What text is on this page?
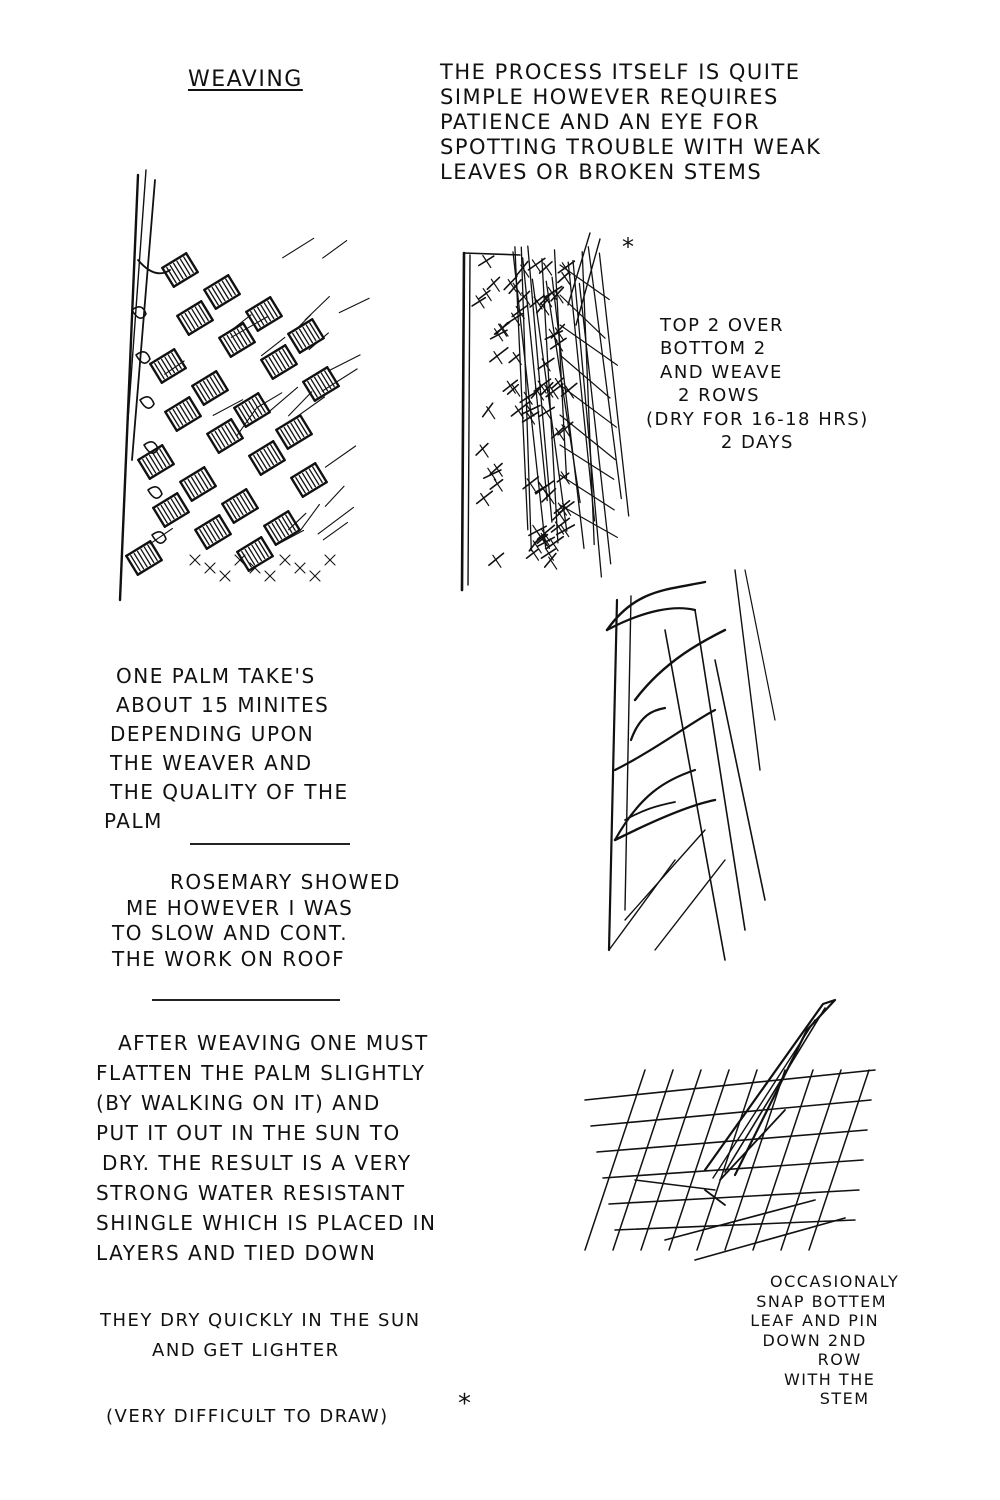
WEAVING	THE PROCESS ITSELF IS QUITE
SIMPLE HOWEVER REQUIRES
PATIENCE AND AN EYE FOR
SPOTTING TROUBLE WITH WEAK
LEAVES OR BROKEN STEMS
*
TOP 2 OVER
BOTTOM 2
AND WEAVE
2 ROWS
(DRY FOR 16-18 HRS)
2 DAYS
ONE PALM TAKE'S
ABOUT 15 MINITES
DEPENDING UPON
THE WEAVER AND
THE QUALITY OF THE
PALM
ROSEMARY SHOWED
ME HOWEVER I WAS
TO SLOW AND CONT.
THE WORK ON ROOF
AFTER WEAVING ONE MUST
FLATTEN THE PALM SLIGHTLY
(BY WALKING ON IT) AND
PUT IT OUT IN THE SUN TO
DRY. THE RESULT IS A VERY
STRONG WATER RESISTANT
SHINGLE WHICH IS PLACED IN
LAYERS AND TIED DOWN
THEY DRY QUICKLY IN THE SUN
AND GET LIGHTER
(VERY DIFFICULT TO DRAW)	*
OCCASIONALY
SNAP BOTTEM
LEAF AND PIN
DOWN 2ND
ROW
WITH THE
STEM
